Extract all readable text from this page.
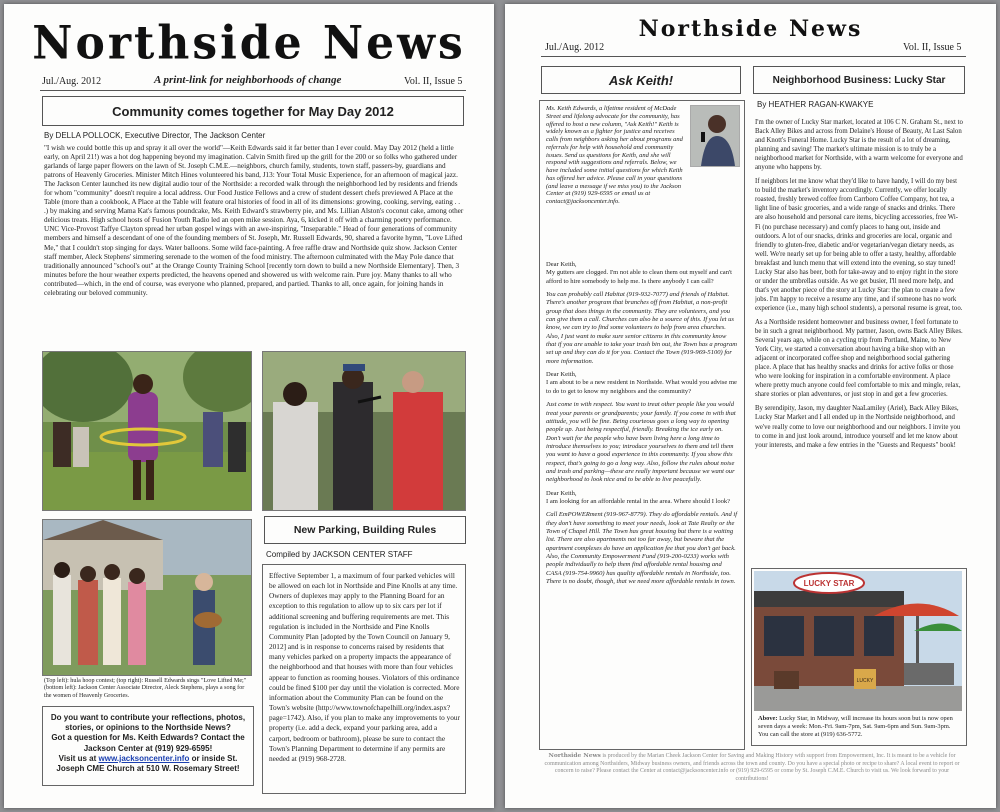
Northside News
Jul./Aug. 2012	A print-link for neighborhoods of change	Vol. II, Issue 5
Community comes together for May Day 2012
By DELLA POLLOCK, Executive Director, The Jackson Center
"I wish we could bottle this up and spray it all over the world"—Keith Edwards said it far better than I ever could. May Day 2012 (held a little early, on April 21!) was a hot dog happening beyond my imagination. Calvin Smith fired up the grill for the 200 or so folks who gathered under garlands of large paper flowers on the lawn of St. Joseph C.M.E.—neighbors, church family, students, town staff, passers-by, guardians and patrons of Heavenly Groceries. Minister Mitch Hines volunteered his band, J13: Your Total Music Experience, for an afternoon of magical jazz. The Jackson Center launched its new digital audio tour of the Northside: a recorded walk through the neighborhood led by residents and friends for whom "community" doesn't require a local address. Our Food Justice Fellows and a crew of student dessert chefs previewed A Place at the Table (more than a cookbook, A Place at the Table will feature oral histories of food in all of its dimensions: growing, cooking, serving, eating . . .) by making and serving Mama Kat's famous poundcake, Ms. Keith Edward's strawberry pie, and Ms. Lillian Alston's coconut cake, among other delicious treats. High school hosts of Fusion Youth Radio led an open mike session. Aya, 6, kicked it off with a charming poetry performance. UNC Vice-Provost Taffye Clayton spread her urban gospel wings with an awe-inspiring, "Inseparable." Head of four generations of community members and himself a descendant of one of the founding members of St. Joseph, Mr. Russell Edwards, 90, shared a favorite hymn, "Love Lifted Me," that I couldn't stop singing for days. Water balloons. Some wild face-painting. A free raffle draw and Northside quiz show. Jackson Center staff member, Aleck Stephens' simmering serenade to the women of the food ministry. The afternoon culminated with the May Pole dance that traditionally announced "school's out" at the Orange County Training School [recently torn down to build a new Northside Elementary]. Then, 3 minutes before the hour weather experts predicted, the heavens opened and showered us with welcome rain. Pure joy. Many thanks to all who contributed—which, in the end of course, was everyone who planned, prepared, and partied. Thanks to all, once again, for joining hands in celebrating our beloved community.
(Top left): hula hoop contest; (top right): Russell Edwards sings "Love Lifted Me;" (bottom left): Jackson Center Associate Director, Aleck Stephens, plays a song for the women of Heavenly Groceries.
Do you want to contribute your reflections, photos, stories, or opinions to the Northside News?
Got a question for Ms. Keith Edwards? Contact the Jackson Center at (919) 929-6595!
Visit us at www.jacksoncenter.info or inside St. Joseph CME Church at 510 W. Rosemary Street!
New Parking, Building Rules
Compiled by JACKSON CENTER STAFF
Effective September 1, a maximum of four parked vehicles will be allowed on each lot in Northside and Pine Knolls at any time. Owners of duplexes may apply to the Planning Board for an exception to this regulation to allow up to six cars per lot if additional screening and buffering requirements are met. This regulation is included in the Northside and Pine Knolls Community Plan [adopted by the Town Council on January 9, 2012] and is in response to concerns raised by residents that many vehicles parked on a property impacts the appearance of the neighborhood and that houses with more than four vehicles appear to function as rooming houses. Violators of this ordinance could be fined $100 per day until the violation is corrected. More information about the Community Plan can be found on the Town's website (http://www.townofchapelhill.org/index.aspx?page=1742). Also, if you plan to make any improvements to your property (i.e. add a deck, expand your parking area, add a carport, bedroom or bathroom), please be sure to contact the Town's Planning Department to determine if any permits are needed at (919) 968-2728.
Northside News
Jul./Aug. 2012	Vol. II, Issue 5
Ask Keith!
Ms. Keith Edwards, a lifetime resident of McDade Street and lifelong advocate for the community, has offered to host a new column, "Ask Keith!" Keith is widely known as a fighter for justice and receives calls from neighbors asking her about programs and referrals for help with household and community issues. Send us questions for Keith, and she will respond with suggestions and referrals. Below, we have included some initial questions for which Keith has offered her advice. Please call in your questions (and leave a message if we miss you) to the Jackson Center at (919) 929-6595 or email us at contact@jacksoncenter.info.

Dear Keith,
My gutters are clogged. I'm not able to clean them out myself and can't afford to hire somebody to help me. Is there anybody I can call?

You can probably call Habitat (919-932-7077) and friends of Habitat. There's another program that branches off from Habitat, a non-profit group that does things in the community. They are volunteers, and you can give them a call. Churches can also be a source of this. If you let us know, we can try to find some volunteers to help from area churches. Also, I just want to make sure senior citizens in this community know that if you are unable to take your trash bin out, the Town has a program set up and they can do it for you. Contact the Town (919-969-5100) for more information.

Dear Keith,
I am about to be a new resident in Northside. What would you advise me to do to get to know my neighbors and the community?

Just come in with respect. You want to treat other people like you would treat your parents or grandparents; your family. If you come in with that attitude, you will be fine. Being courteous goes a long way to opening people up. Just being respectful, friendly. Breaking the ice early on. Don't wait for the people who have been living here a long time to introduce themselves to you; introduce yourselves to them and tell them you want to have a good experience in this community. If you show this respect, that's going to go a long way. Also, follow the rules about noise and trash and parking—these are really important because we want our neighborhood to look nice and to be able to live peacefully.

Dear Keith,
I am looking for an affordable rental in the area. Where should I look?

Call EmPOWERment (919-967-8779). They do affordable rentals. And if they don't have something to meet your needs, look at Tate Realty or the Town of Chapel Hill. The Town has great housing but there is a waiting list. There are also apartments not too far away, but beware that the apartment complexes do have an application fee that you don't get back. Also, the Community Empowerment Fund (919-200-0233) works with people individually to help them find affordable rental housing and CASA (919-754-9960) has quality affordable rentals in Northside, too. There is no doubt, though, that we need more affordable rentals in town.

Neighborhood Business: Lucky Star
By HEATHER RAGAN-KWAKYE

I'm the owner of Lucky Star market, located at 106 C N. Graham St., next to Back Alley Bikes and across from Delaine's House of Beauty, At Last Salon and Knott's Funeral Home. Lucky Star is the result of a lot of dreaming, planning and saving! The market's ultimate mission is to truly be a neighborhood market for Northside, with a warm welcome for everyone and anyone who happens by.

If neighbors let me know what they'd like to have handy, I will do my best to build the market's inventory accordingly. Currently, we offer locally roasted, freshly brewed coffee from Carrboro Coffee Company, hot tea, a light line of basic groceries, and a wide range of snacks and drinks. There are also household and personal care items, bicycling accessories, free Wi-Fi (no purchase necessary) and comfy places to hang out, inside and outdoors. A lot of our snacks, drinks and groceries are local, organic and friendly to gluten-free, diabetic and/or vegetarian/vegan dietary needs, as well. We're nearly set up for being able to offer a tasty, healthy, affordable breakfast and lunch menu that will extend into the evening, so stay tuned! Lucky Star also has beer, both for take-away and to enjoy right in the store or under the umbrellas outside. As we get busier, I'll need more help, and that's yet another piece of the story at Lucky Star: the plan to create a few jobs. I'm happy to receive a resume any time, and if someone has no work experience (i.e., many high school students), a personal resume is great, too.

As a Northside resident homeowner and business owner, I feel fortunate to be in such a great neighborhood. My partner, Jason, owns Back Alley Bikes. Several years ago, while on a cycling trip from Portland, Maine, to New York City, we started a conversation about having a bike shop with an adjacent or incorporated coffee shop and neighborhood social gathering place. A place that has healthy snacks and drinks for active folks or those who were looking for inspiration in a comfortable environment. A place where pretty much anyone could feel comfortable to mix and mingle, relax, share stories or plan adventures, or just stop in and get a few groceries.

By serendipity, Jason, my daughter NaaLamiley (Ariel), Back Alley Bikes, Lucky Star Market and I all ended up in the Northside neighborhood, and we've really come to love our neighborhood and our neighbors. I invite you to come in and just look around, introduce yourself and let me know about your interests, and make a few entries in the "Guests and Requests" book!

LUCKY STAR
LUCKY
Above: Lucky Star, in Midway, will increase its hours soon but is now open seven days a week: Mon.-Fri. 9am-7pm, Sat. 9am-6pm and Sun. 9am-3pm. You can call the store at (919) 636-5772.
Northside News is produced by the Marian Cheek Jackson Center for Saving and Making History with support from Empowerment, Inc. It is meant to be a vehicle for communication among Northsiders, Midway business owners, and friends across the town and county. Do you have a special photo or recipe to share? A local event to report or concern to raise? Please contact the Center at contact@jacksoncenter.info or (919) 929-6595 or come by St. Joseph C.M.E. Church to visit us. We look forward to your contributions!
